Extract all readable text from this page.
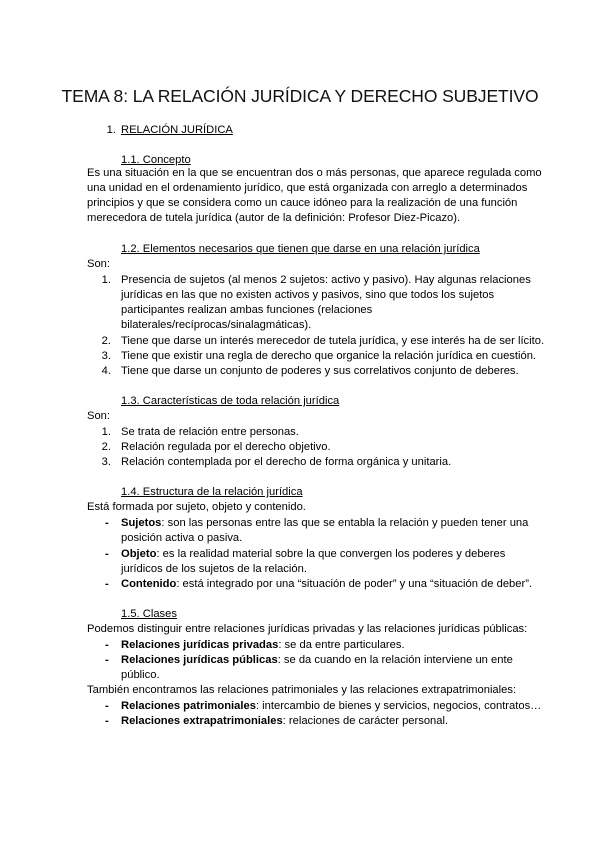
TEMA 8: LA RELACIÓN JURÍDICA Y DERECHO SUBJETIVO
1. RELACIÓN JURÍDICA
1.1. Concepto
Es una situación en la que se encuentran dos o más personas, que aparece regulada como
una unidad en el ordenamiento jurídico, que está organizada con arreglo a determinados
principios y que se considera como un cauce idóneo para la realización de una función
merecedora de tutela jurídica (autor de la definición: Profesor Diez-Picazo).
1.2. Elementos necesarios que tienen que darse en una relación jurídica
Son:
1. Presencia de sujetos (al menos 2 sujetos: activo y pasivo). Hay algunas relaciones
jurídicas en las que no existen activos y pasivos, sino que todos los sujetos
participantes realizan ambas funciones (relaciones
bilaterales/recíprocas/sinalagmáticas).
2. Tiene que darse un interés merecedor de tutela jurídica, y ese interés ha de ser lícito.
3. Tiene que existir una regla de derecho que organice la relación jurídica en cuestión.
4. Tiene que darse un conjunto de poderes y sus correlativos conjunto de deberes.
1.3. Características de toda relación jurídica
Son:
1. Se trata de relación entre personas.
2. Relación regulada por el derecho objetivo.
3. Relación contemplada por el derecho de forma orgánica y unitaria.
1.4. Estructura de la relación jurídica
Está formada por sujeto, objeto y contenido.
- Sujetos: son las personas entre las que se entabla la relación y pueden tener una
posición activa o pasiva.
- Objeto: es la realidad material sobre la que convergen los poderes y deberes
jurídicos de los sujetos de la relación.
- Contenido: está integrado por una “situación de poder” y una “situación de deber”.
1.5. Clases
Podemos distinguir entre relaciones jurídicas privadas y las relaciones jurídicas públicas:
- Relaciones jurídicas privadas: se da entre particulares.
- Relaciones jurídicas públicas: se da cuando en la relación interviene un ente
público.
También encontramos las relaciones patrimoniales y las relaciones extrapatrimoniales:
- Relaciones patrimoniales: intercambio de bienes y servicios, negocios, contratos…
- Relaciones extrapatrimoniales: relaciones de carácter personal.
